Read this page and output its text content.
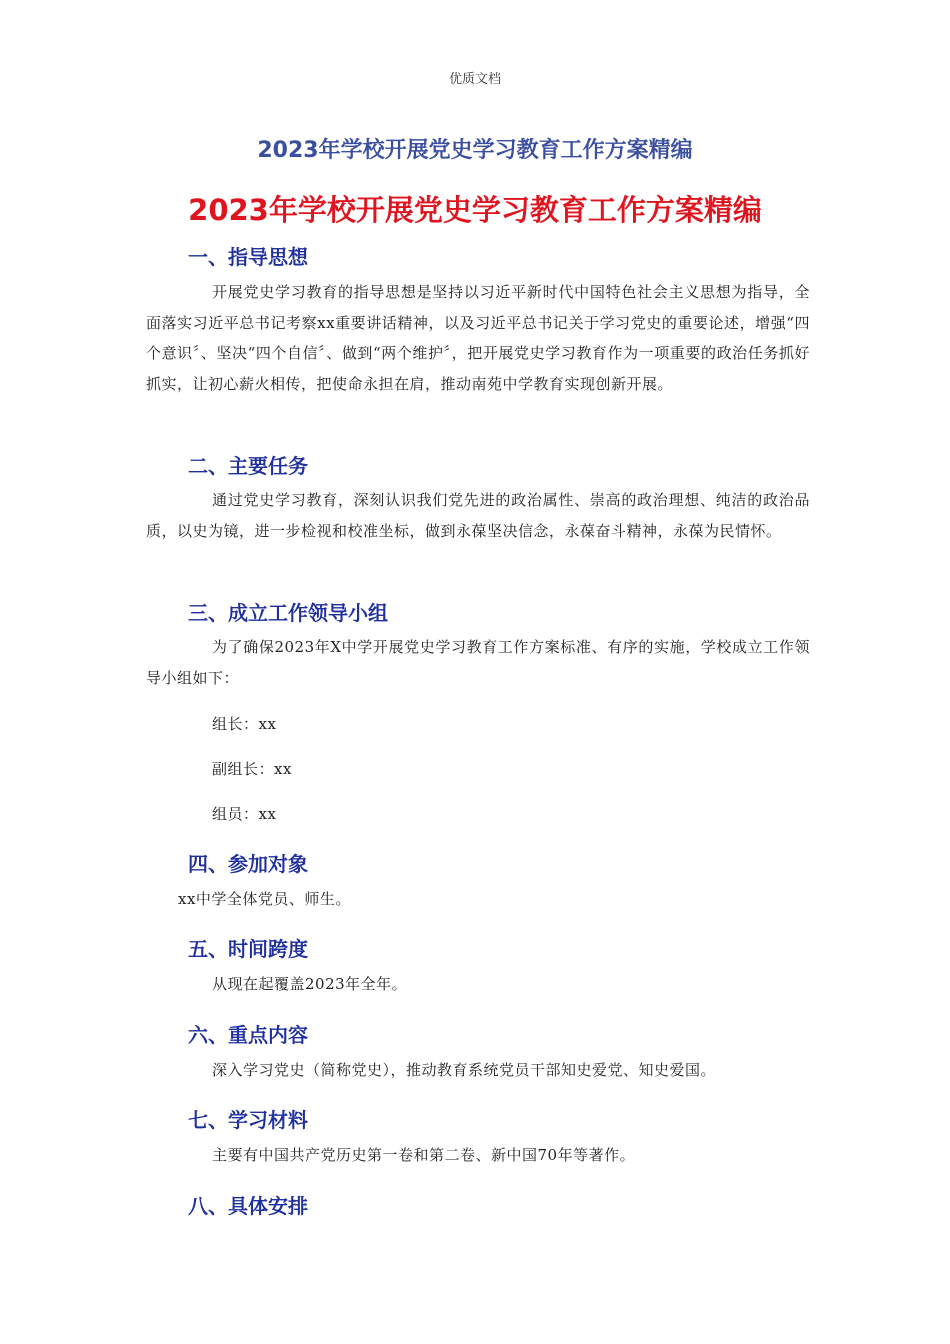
优质文档
2023年学校开展党史学习教育工作方案精编
2023年学校开展党史学习教育工作方案精编
一、指导思想

开展党史学习教育的指导思想是坚持以习近平新时代中国特色社会主义思想为指导，全面落实习近平总书记考察xx重要讲话精神，以及习近平总书记关于学习党史的重要论述，增强“四个意识〞、坚决“四个自信〞、做到“两个维护〞，把开展党史学习教育作为一项重要的政治任务抓好抓实，让初心薪火相传，把使命永担在肩，推动南苑中学教育实现创新开展。

二、主要任务

通过党史学习教育，深刻认识我们党先进的政治属性、崇高的政治理想、纯洁的政治品质，以史为镜，进一步检视和校准坐标，做到永葆坚决信念，永葆奋斗精神，永葆为民情怀。

三、成立工作领导小组

为了确保2023年X中学开展党史学习教育工作方案标准、有序的实施，学校成立工作领导小组如下：

组长：xx

副组长：xx

组员：xx

四、参加对象

xx中学全体党员、师生。

五、时间跨度

从现在起覆盖2023年全年。

六、重点内容

深入学习党史（简称党史），推动教育系统党员干部知史爱党、知史爱国。

七、学习材料

主要有中国共产党历史第一卷和第二卷、新中国70年等著作。

八、具体安排
